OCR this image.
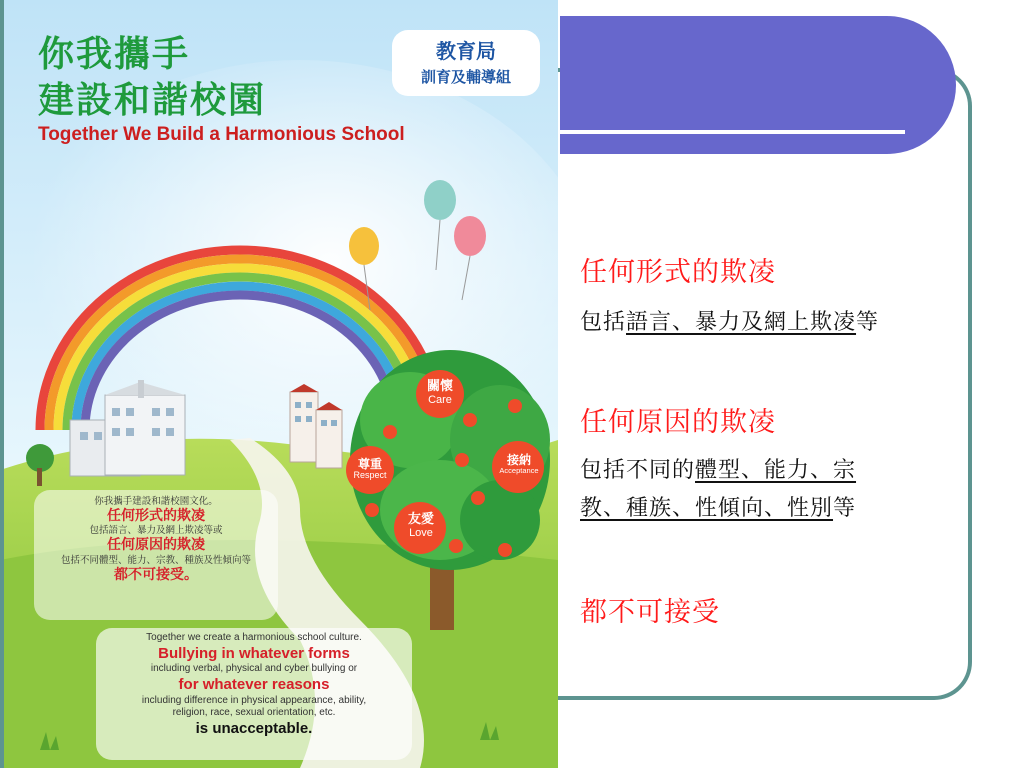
你我攜手
建設和諧校園
Together We Build a Harmonious School
教育局
訓育及輔導組
關懷
Care
尊重
Respect
接納
Acceptance
友愛
Love
你我攜手建設和諧校園文化。
任何形式的欺凌
包括語言、暴力及網上欺凌等或
任何原因的欺凌
包括不同體型、能力、宗教、種族及性傾向等
都不可接受。
Together we create a harmonious school culture.
Bullying in whatever forms
including verbal, physical and cyber bullying or
for whatever reasons
including difference in physical appearance, ability,
religion, race, sexual orientation, etc.
is unacceptable.
任何形式的欺凌
包括語言、暴力及網上欺凌等
任何原因的欺凌
包括不同的體型、能力、宗教、種族、性傾向、性別等
都不可接受
